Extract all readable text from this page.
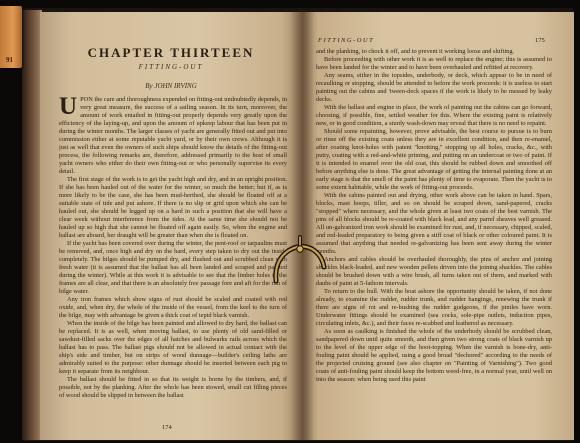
CHAPTER THIRTEEN
FITTING-OUT
By JOHN IRVING

UPON the care and thoroughness expended on fitting-out undoubtedly depends, in very great measure, the success of a sailing season. In its turn, moreover, the amount of work entailed in fitting-out properly depends very greatly upon the efficiency of the laying-up, and upon the amount of upkeep labour that has been put in during the winter months. The larger classes of yacht are generally fitted out and put into commission either at some reputable yacht yard, or by their own crews. Although it is just as well that even the owners of such ships should know the details of the fitting-out process, the following remarks are, therefore, addressed primarily to the host of small yacht owners who either do their own fitting-out or who personally supervise its every detail.

The first stage of the work is to get the yacht high and dry, and in an upright position. If she has been hauled out of the water for the winter, so much the better; but if, as is more likely to be the case, she has been mud-berthed, she should be floated off at a suitable state of tide and put ashore. If there is no slip or grid upon which she can be hauled out, she should be legged up on a hard in such a position that she will have a clear week without interference from the tides. At the same time she should not be hauled up so high that she cannot be floated off again easily. So, when the engine and ballast are aboard, her draught will be greater than when she is floated on.

If the yacht has been covered over during the winter, the pent-roof or tarpaulins must be removed, and, once high and dry on the hard, every step taken to dry out the inside completely. The bilges should be pumped dry, and flushed out and scrubbed clean with fresh water (it is assumed that the ballast has all been landed and scraped and painted during the winter). While at this work it is advisable to see that the limber holes in the frames are all clear, and that there is an absolutely free passage fore and aft for the run of bilge water.

Any iron frames which show signs of rust should be scaled and coated with red oxide, and, when dry, the whole of the inside of the vessel, from the keel to the turn of the bilge, may with advantage be given a thick coat of tepid black varnish.

When the inside of the bilge has been painted and allowed to dry hard, the ballast can be replaced. It is as well, when moving ballast, to use plenty of old sand-filled or sawdust-filled sacks over the edges of all hatches and bulwarks rails across which the ballast has to pass. The ballast pigs should not be allowed in actual contact with the ship's side and timber, but on strips of wood dunnage—builder's ceiling laths are admirably suited to the purpose: other dunnage should be inserted between each pig to keep it separate from its neighbour.

The ballast should be fitted in so that its weight is borne by the timbers, and, if possible, not by the planking. After the whole has been stowed, small cut filling pieces of wood should be slipped in between the ballast

174
FITTING-OUT	175

and the planking, to chock it off, and to prevent it working loose and shifting.

Before proceeding with other work it is as well to replace the engine; this is assumed to have been landed for the winter and to have been overhauled and refitted at recovery.

Any seams, either in the topsides, underbody, or deck, which appear to be in need of recaulking or stopping, should be attended to before the work proceeds: it is useless to start painting out the cabins and 'tween-deck spaces if the work is likely to be messed by leaky decks.

With the ballast and engine in place, the work of painting out the cabins can go forward, choosing, if possible, fine, settled weather for this. Where the existing paint is relatively new, or in good condition, a sturdy wash-down may reveal that there is no need to repaint.

Should some repainting, however, prove advisable, the best course to pursue is to burn or rinse off the existing coats unless they are in excellent condition, and then re-enamel, after coating knot-holes with patent "knotting," stopping up all holes, cracks, &c., with putty, coating with a red-and-white priming, and putting on an undercoat or two of paint. If it is intended to enamel over the old coat, this should be rubbed down and smoothed off before anything else is done. The great advantage of getting the internal painting done at an early stage is that the smell of the paint has plenty of time to evaporate. Then the yacht is to some extent habitable, while the work of fitting-out proceeds.

With the cabins painted out and drying, other work above can be taken in hand. Spars, blocks, mast hoops, tiller, and so on should be scraped down, sand-papered, cracks "stopped" where necessary, and the whole given at least two coats of the best varnish. The pins of all blocks should be re-coated with black lead, and any parrel sheaves well greased. All un-galvanized iron work should be examined for rust, and, if necessary, chipped, scaled, and red-leaded preparatory to being given a stiff coat of black or other coloured paint. It is assumed that anything that needed re-galvanizing has been sent away during the winter months.

Anchors and cables should be overhauled thoroughly, the pins of anchor and joining shackles black-leaded, and new wooden pellets driven into the joining shackles. The cables should be brushed down with a wire brush, all turns taken out of them, and marked with daubs of paint at 5-fathom intervals.

To return to the hull. With the boat ashore the opportunity should be taken, if not done already, to examine the rudder, rudder trunk, and rudder hangings, renewing the trunk if there are signs of rot and re-bushing the rudder gudgeons, if the pintles have worn. Underwater fittings should be examined (sea cocks, sole-pipe outlets, induction pipes, circulating inlets, &c.), and their faces re-scabbed and leathered as necessary.

As soon as caulking is finished the whole of the underbody should be scrubbed clean, sandpapered down until quite smooth, and then given two strong coats of black varnish up to the level of the upper edge of the boot-topping. When the varnish is bone-dry, anti-fouling paint should be applied, using a good broad "dechored" according to the needs of the projected cruising ground (see also chapter on "Painting of Varnishing"). Two good coats of anti-fouling paint should keep the bottom weed-free, in a normal year, until well on into the season: when being used this paint

91
